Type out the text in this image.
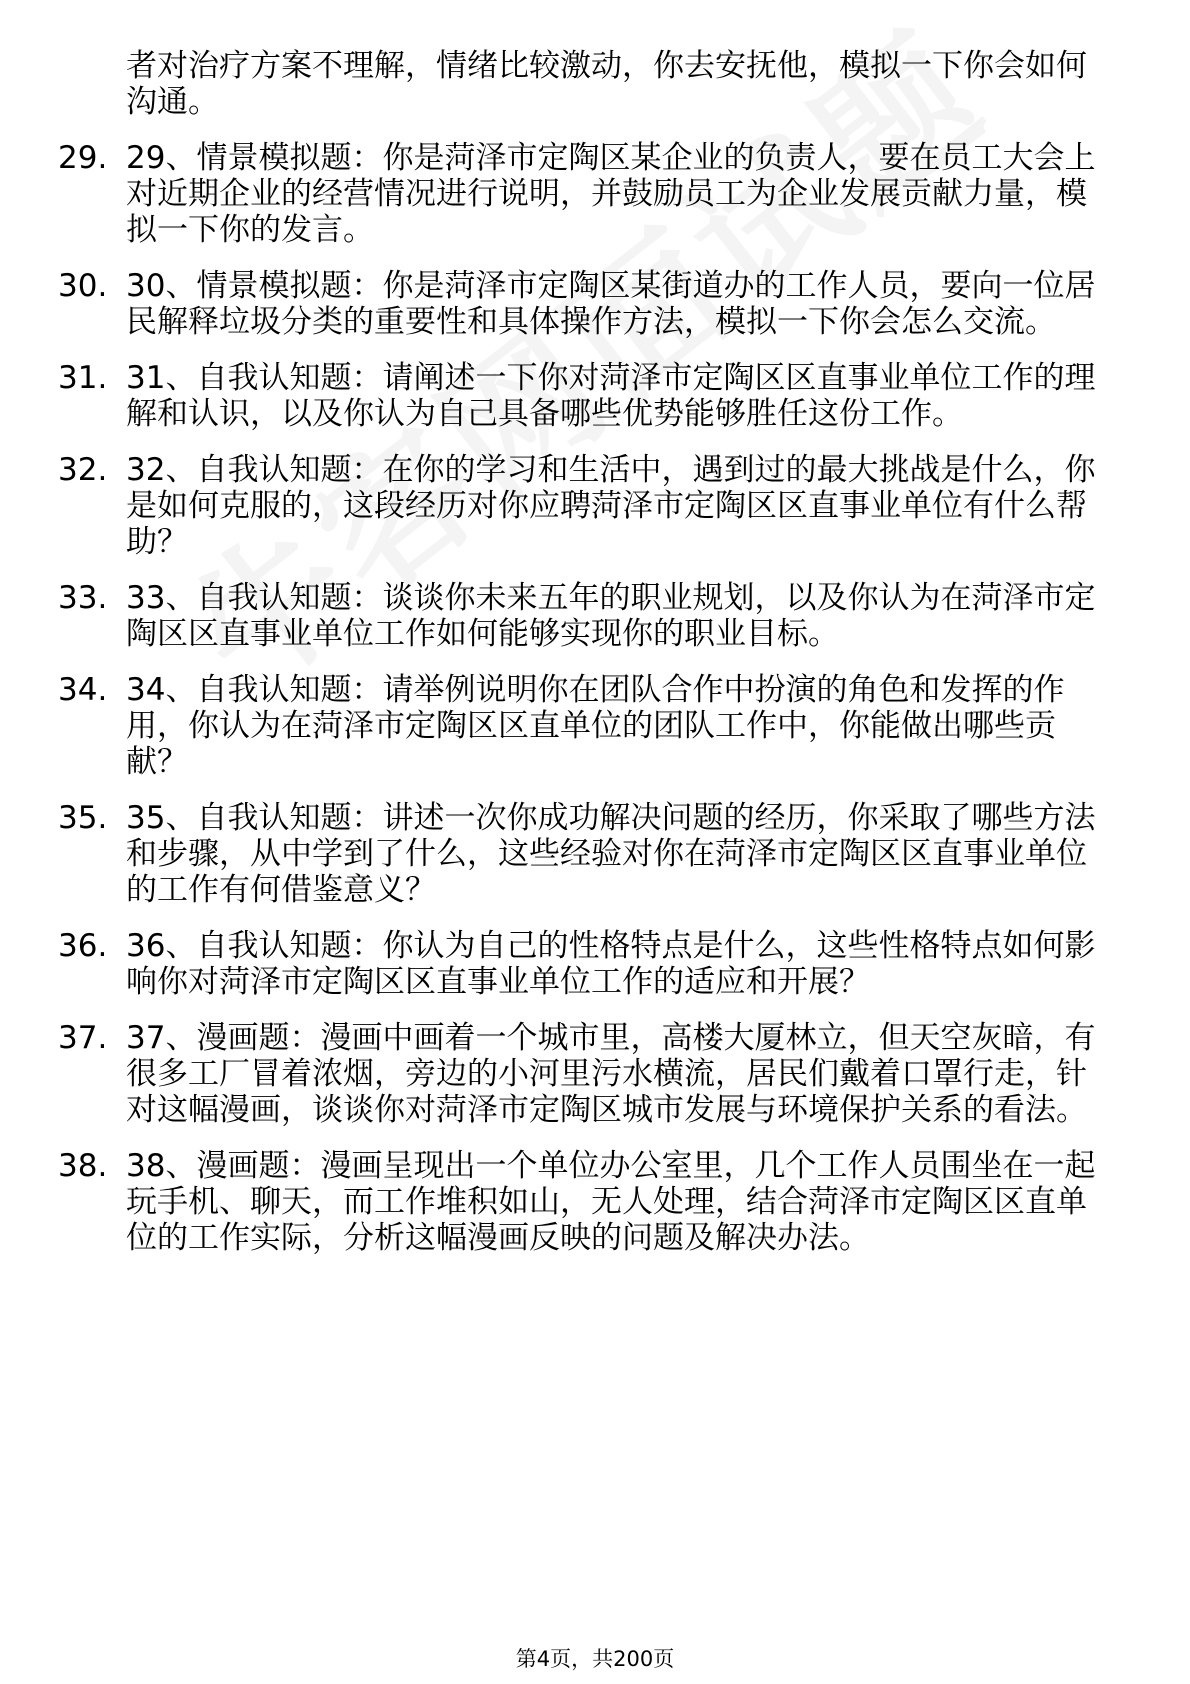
者对治疗方案不理解，情绪比较激动，你去安抚他，模拟一下你会如何沟通。
29. 29、情景模拟题：你是菏泽市定陶区某企业的负责人，要在员工大会上对近期企业的经营情况进行说明，并鼓励员工为企业发展贡献力量，模拟一下你的发言。
30. 30、情景模拟题：你是菏泽市定陶区某街道办的工作人员，要向一位居民解释垃圾分类的重要性和具体操作方法，模拟一下你会怎么交流。
31. 31、自我认知题：请阐述一下你对菏泽市定陶区区直事业单位工作的理解和认识，以及你认为自己具备哪些优势能够胜任这份工作。
32. 32、自我认知题：在你的学习和生活中，遇到过的最大挑战是什么，你是如何克服的，这段经历对你应聘菏泽市定陶区区直事业单位有什么帮助？
33. 33、自我认知题：谈谈你未来五年的职业规划，以及你认为在菏泽市定陶区区直事业单位工作如何能够实现你的职业目标。
34. 34、自我认知题：请举例说明你在团队合作中扮演的角色和发挥的作用，你认为在菏泽市定陶区区直单位的团队工作中，你能做出哪些贡献？
35. 35、自我认知题：讲述一次你成功解决问题的经历，你采取了哪些方法和步骤，从中学到了什么，这些经验对你在菏泽市定陶区区直事业单位的工作有何借鉴意义？
36. 36、自我认知题：你认为自己的性格特点是什么，这些性格特点如何影响你对菏泽市定陶区区直事业单位工作的适应和开展？
37. 37、漫画题：漫画中画着一个城市里，高楼大厦林立，但天空灰暗，有很多工厂冒着浓烟，旁边的小河里污水横流，居民们戴着口罩行走，针对这幅漫画，谈谈你对菏泽市定陶区城市发展与环境保护关系的看法。
38. 38、漫画题：漫画呈现出一个单位办公室里，几个工作人员围坐在一起玩手机、聊天，而工作堆积如山，无人处理，结合菏泽市定陶区区直单位的工作实际，分析这幅漫画反映的问题及解决办法。
第4页，共200页
